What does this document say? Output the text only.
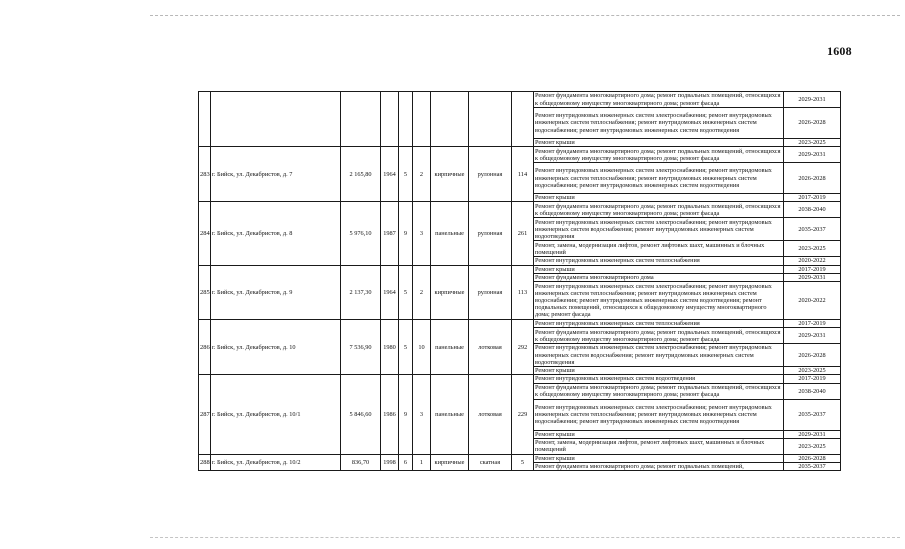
1608
									Ремонт фундамента многоквартирного дома; ремонт подвальных помещений, относящихся к общедомовому имуществу многоквартирного дома; ремонт фасада	2029-2031
									Ремонт внутридомовых инженерных систем электроснабжения; ремонт внутридомовых инженерных систем теплоснабжения; ремонт внутридомовых инженерных систем водоснабжения; ремонт внутридомовых инженерных систем водоотведения	2026-2028
									Ремонт крыши	2023-2025
283	г. Бийск, ул. Декабристов, д. 7	2 165,80	1964	5	2	кирпичные	рулонная	114	Ремонт фундамента многоквартирного дома; ремонт подвальных помещений, относящихся к общедомовому имуществу многоквартирного дома; ремонт фасада	2029-2031
									Ремонт внутридомовых инженерных систем электроснабжения; ремонт внутридомовых инженерных систем теплоснабжения; ремонт внутридомовых инженерных систем водоснабжения; ремонт внутридомовых инженерных систем водоотведения	2026-2028
									Ремонт крыши	2017-2019
284	г. Бийск, ул. Декабристов, д. 8	5 976,10	1987	9	3	панельные	рулонная	261	Ремонт фундамента многоквартирного дома; ремонт подвальных помещений, относящихся к общедомовому имуществу многоквартирного дома; ремонт фасада	2038-2040
									Ремонт внутридомовых инженерных систем электроснабжения; ремонт внутридомовых инженерных систем водоснабжения; ремонт внутридомовых инженерных систем водоотведения	2035-2037
									Ремонт, замена, модернизация лифтов, ремонт лифтовых шахт, машинных и блочных помещений	2023-2025
									Ремонт внутридомовых инженерных систем теплоснабжения	2020-2022
285	г. Бийск, ул. Декабристов, д. 9	2 137,30	1964	5	2	кирпичные	рулонная	113	Ремонт крыши	2017-2019
									Ремонт фундамента многоквартирного дома	2029-2031
									Ремонт внутридомовых инженерных систем электроснабжения; ремонт внутридомовых инженерных систем теплоснабжения; ремонт внутридомовых инженерных систем водоснабжения; ремонт внутридомовых инженерных систем водоотведения; ремонт подвальных помещений, относящихся к общедомовому имуществу многоквартирного дома; ремонт фасада	2020-2022
286	г. Бийск, ул. Декабристов, д. 10	7 536,90	1980	5	10	панельные	лотковая	292	Ремонт внутридомовых инженерных систем теплоснабжения	2017-2019
									Ремонт фундамента многоквартирного дома; ремонт подвальных помещений, относящихся к общедомовому имуществу многоквартирного дома; ремонт фасада	2029-2031
									Ремонт внутридомовых инженерных систем электроснабжения; ремонт внутридомовых инженерных систем водоснабжения; ремонт внутридомовых инженерных систем водоотведения	2026-2028
									Ремонт крыши	2023-2025
287	г. Бийск, ул. Декабристов, д. 10/1	5 846,60	1986	9	3	панельные	лотковая	229	Ремонт внутридомовых инженерных систем водоотведения	2017-2019
									Ремонт фундамента многоквартирного дома; ремонт подвальных помещений, относящихся к общедомовому имуществу многоквартирного дома; ремонт фасада	2038-2040
									Ремонт внутридомовых инженерных систем электроснабжения; ремонт внутридомовых инженерных систем теплоснабжения; ремонт внутридомовых инженерных систем водоснабжения; ремонт внутридомовых инженерных систем водоотведения	2035-2037
									Ремонт крыши	2029-2031
									Ремонт, замена, модернизация лифтов, ремонт лифтовых шахт, машинных и блочных помещений	2023-2025
288	г. Бийск, ул. Декабристов, д. 10/2	836,70	1998	6	1	кирпичные	скатная	5	Ремонт крыши	2026-2028
									Ремонт фундамента многоквартирного дома; ремонт подвальных помещений,	2035-2037
